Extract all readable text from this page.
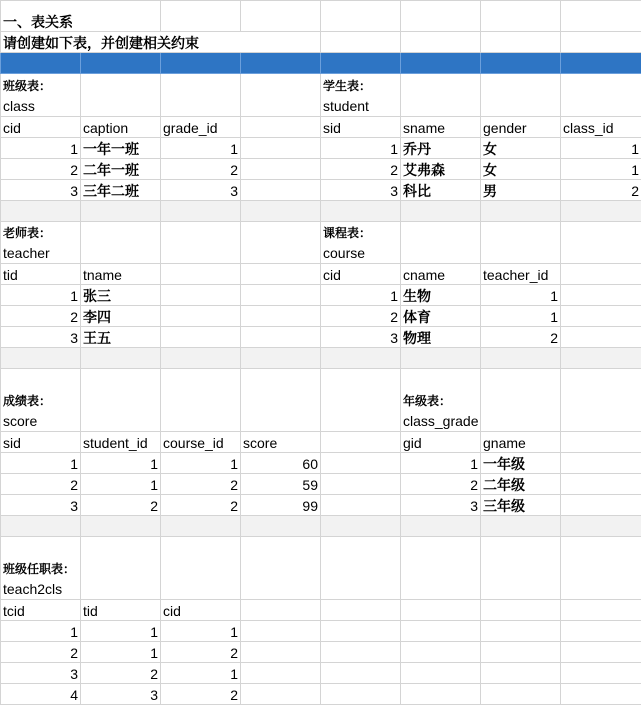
一、表关系							
请创建如下表，并创建相关约束							

班级表：
class				学生表：
student			

cid	caption	grade_id		sid	sname	gender	class_id
1	一年一班	1		1	乔丹	女	1
2	二年一班	2		2	艾弗森	女	1
3	三年二班	3		3	科比	男	2

老师表：
teacher				课程表：
course			

tid	tname			cid	cname	teacher_id	
1	张三			1	生物	1	
2	李四			2	体育	1	
3	王五			3	物理	2	

成绩表：
score					年级表：
class_grade		

sid	student_id	course_id	score		gid	gname	
1	1	1	60		1	一年级	
2	1	2	59		2	二年级	
3	2	2	99		3	三年级	

班级任职表：
teach2cls							

tcid	tid	cid					
1	1	1					
2	1	2					
3	2	1					
4	3	2					
